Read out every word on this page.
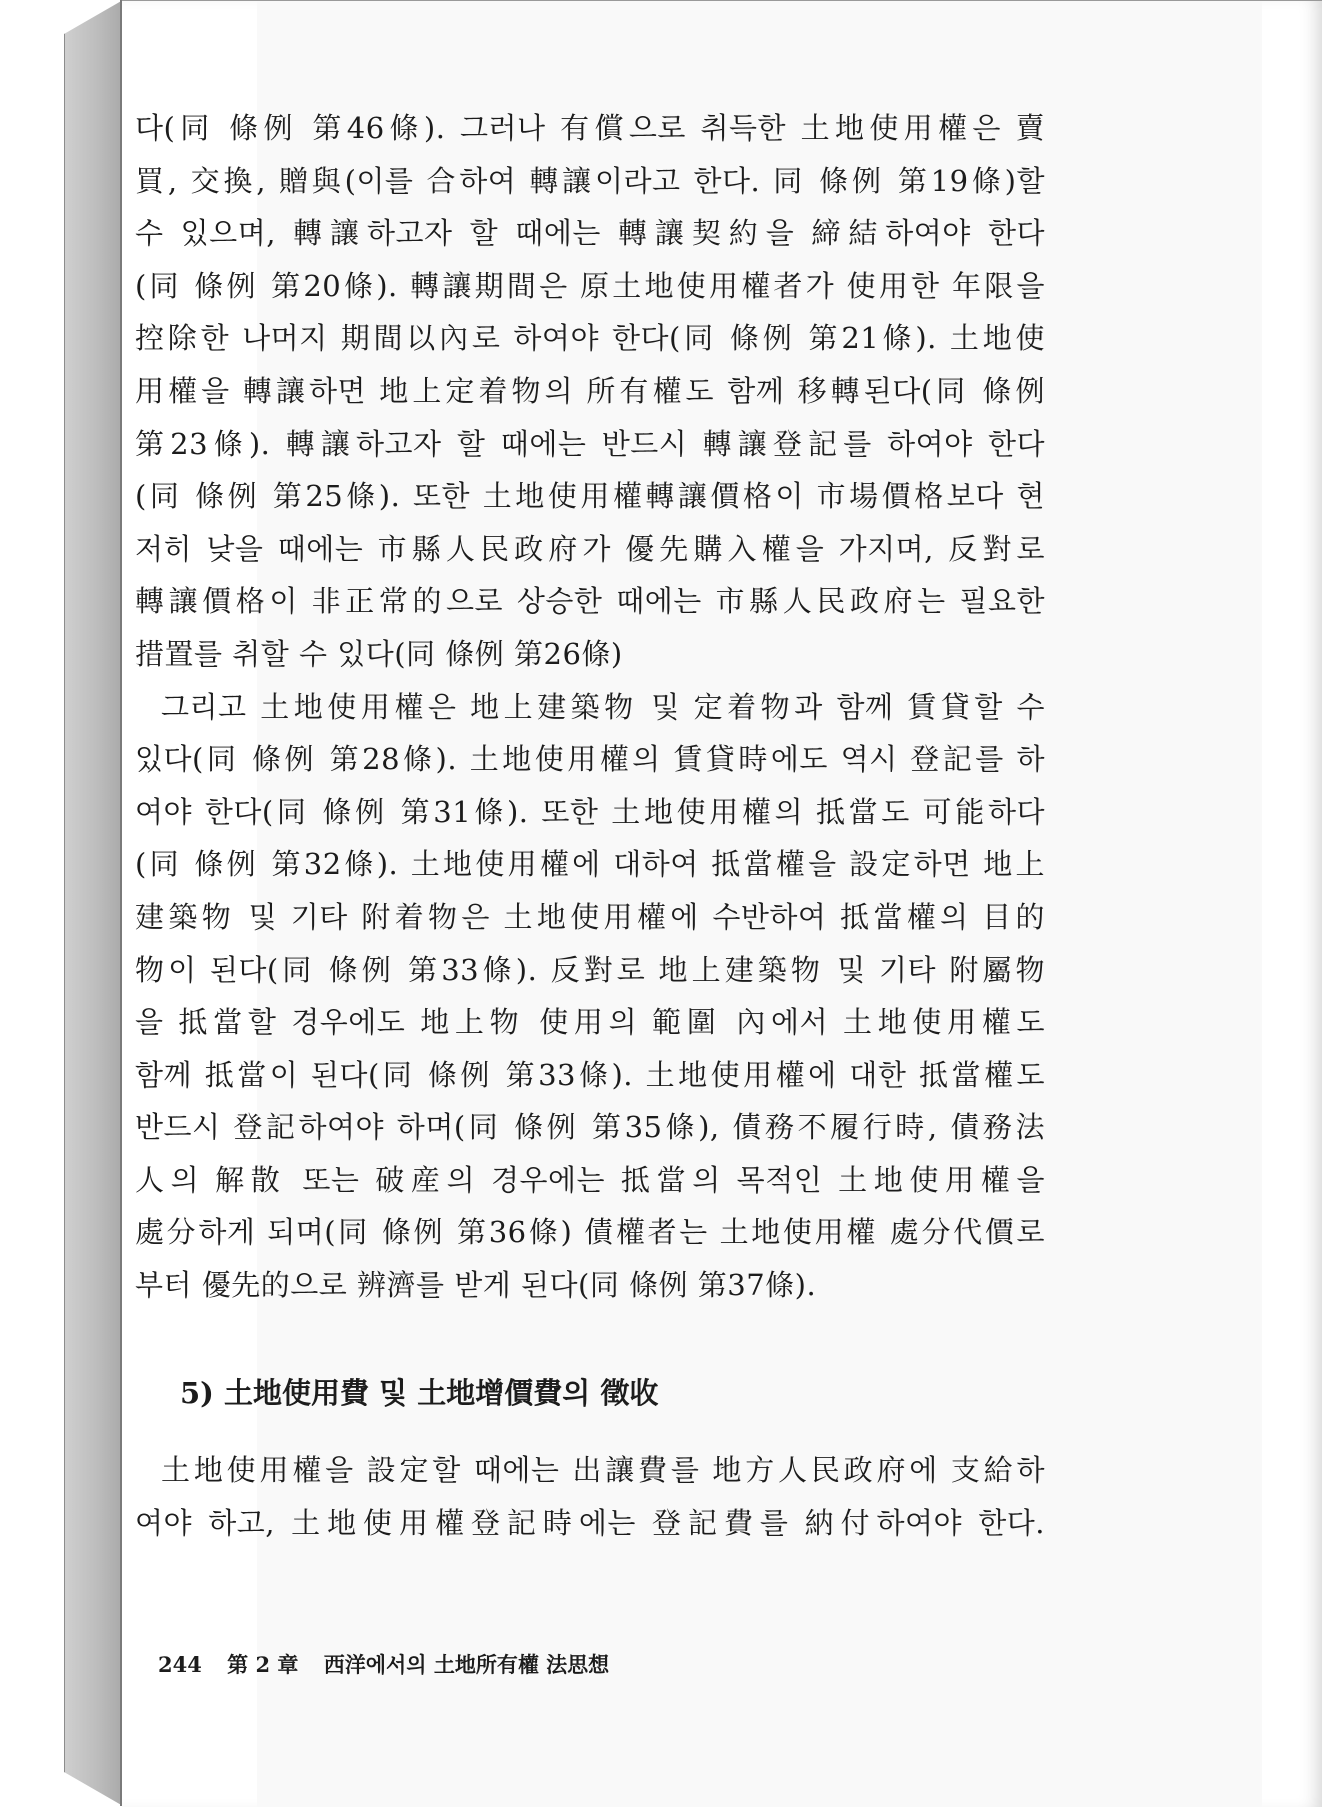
다(同 條例 第46條). 그러나 有償으로 취득한 土地使用權은 賣
買, 交換, 贈與(이를 合하여 轉讓이라고 한다. 同 條例 第19條)할
수 있으며, 轉讓하고자 할 때에는 轉讓契約을 締結하여야 한다
(同 條例 第20條). 轉讓期間은 原土地使用權者가 使用한 年限을
控除한 나머지 期間以內로 하여야 한다(同 條例 第21條). 土地使
用權을 轉讓하면 地上定着物의 所有權도 함께 移轉된다(同 條例
第23條). 轉讓하고자 할 때에는 반드시 轉讓登記를 하여야 한다
(同 條例 第25條). 또한 土地使用權轉讓價格이 市場價格보다 현
저히 낮을 때에는 市縣人民政府가 優先購入權을 가지며, 反對로
轉讓價格이 非正常的으로 상승한 때에는 市縣人民政府는 필요한
措置를 취할 수 있다(同 條例 第26條)
그리고 土地使用權은 地上建築物 및 定着物과 함께 賃貸할 수
있다(同 條例 第28條). 土地使用權의 賃貸時에도 역시 登記를 하
여야 한다(同 條例 第31條). 또한 土地使用權의 抵當도 可能하다
(同 條例 第32條). 土地使用權에 대하여 抵當權을 設定하면 地上
建築物 및 기타 附着物은 土地使用權에 수반하여 抵當權의 目的
物이 된다(同 條例 第33條). 反對로 地上建築物 및 기타 附屬物
을 抵當할 경우에도 地上物 使用의 範圍 內에서 土地使用權도
함께 抵當이 된다(同 條例 第33條). 土地使用權에 대한 抵當權도
반드시 登記하여야 하며(同 條例 第35條), 債務不履行時, 債務法
人의 解散 또는 破産의 경우에는 抵當의 목적인 土地使用權을
處分하게 되며(同 條例 第36條) 債權者는 土地使用權 處分代價로
부터 優先的으로 辨濟를 받게 된다(同 條例 第37條).
5) 土地使用費 및 土地增價費의 徵收
土地使用權을 設定할 때에는 出讓費를 地方人民政府에 支給하
여야 하고, 土地使用權登記時에는 登記費를 納付하여야 한다.
244 第 2 章 西洋에서의 土地所有權 法思想
